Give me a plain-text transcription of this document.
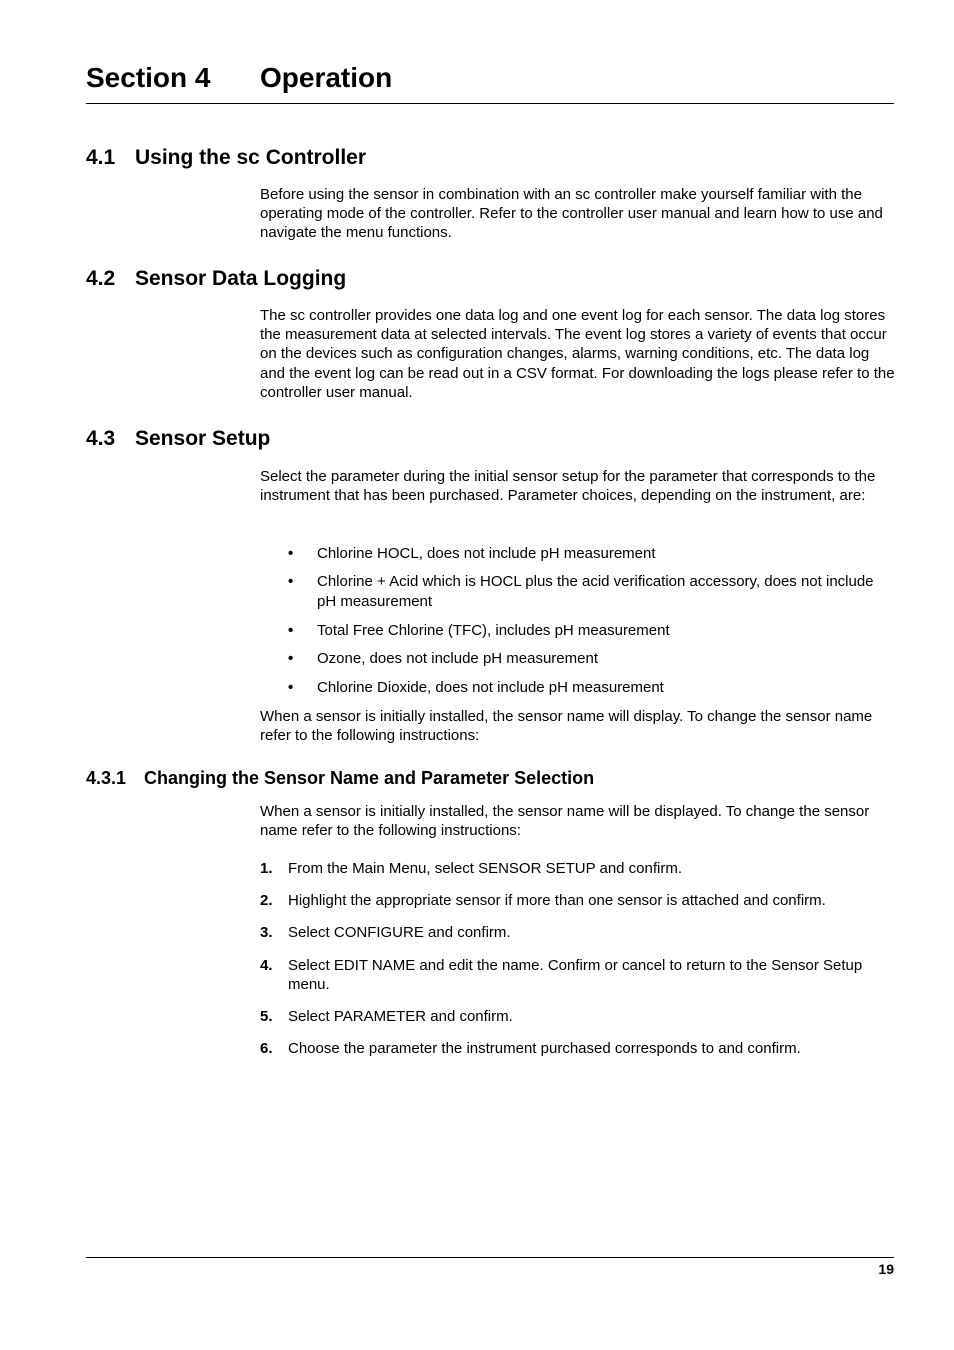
Section 4 Operation
4.1 Using the sc Controller

Before using the sensor in combination with an sc controller make yourself familiar with the operating mode of the controller. Refer to the controller user manual and learn how to use and navigate the menu functions.

4.2 Sensor Data Logging

The sc controller provides one data log and one event log for each sensor. The data log stores the measurement data at selected intervals. The event log stores a variety of events that occur on the devices such as configuration changes, alarms, warning conditions, etc. The data log and the event log can be read out in a CSV format. For downloading the logs please refer to the controller user manual.

4.3 Sensor Setup

Select the parameter during the initial sensor setup for the parameter that corresponds to the instrument that has been purchased. Parameter choices, depending on the instrument, are:

• Chlorine HOCL, does not include pH measurement
• Chlorine + Acid which is HOCL plus the acid verification accessory, does not include pH measurement
• Total Free Chlorine (TFC), includes pH measurement
• Ozone, does not include pH measurement
• Chlorine Dioxide, does not include pH measurement

When a sensor is initially installed, the sensor name will display. To change the sensor name refer to the following instructions:

4.3.1 Changing the Sensor Name and Parameter Selection

When a sensor is initially installed, the sensor name will be displayed. To change the sensor name refer to the following instructions:

1. From the Main Menu, select SENSOR SETUP and confirm.
2. Highlight the appropriate sensor if more than one sensor is attached and confirm.
3. Select CONFIGURE and confirm.
4. Select EDIT NAME and edit the name. Confirm or cancel to return to the Sensor Setup menu.
5. Select PARAMETER and confirm.
6. Choose the parameter the instrument purchased corresponds to and confirm.
19
